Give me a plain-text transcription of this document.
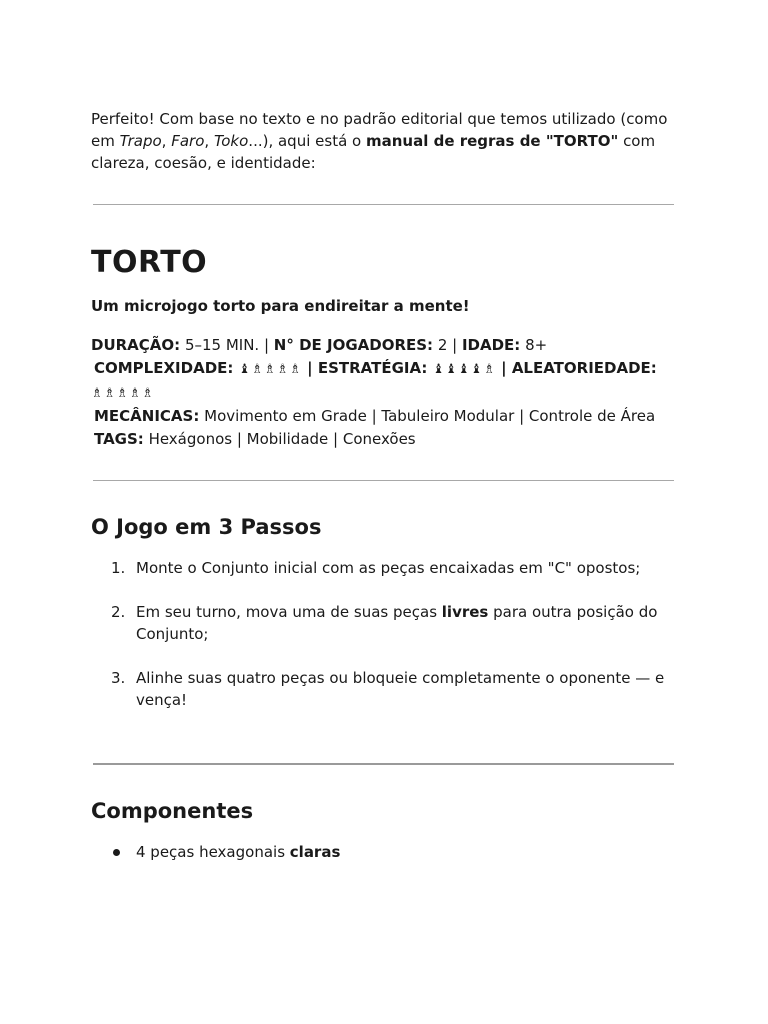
Perfeito! Com base no texto e no padrão editorial que temos utilizado (como em Trapo, Faro, Toko...), aqui está o manual de regras de "TORTO" com clareza, coesão, e identidade:

TORTO

Um microjogo torto para endireitar a mente!

DURAÇÃO: 5–15 MIN. | N° DE JOGADORES: 2 | IDADE: 8+
COMPLEXIDADE: ♝♗♗♗♗ | ESTRATÉGIA: ♝♝♝♝♗ | ALEATORIEDADE:
♗♗♗♗♗
MECÂNICAS: Movimento em Grade | Tabuleiro Modular | Controle de Área
TAGS: Hexágonos | Mobilidade | Conexões
O Jogo em 3 Passos
1. Monte o Conjunto inicial com as peças encaixadas em "C" opostos;
2. Em seu turno, mova uma de suas peças livres para outra posição do Conjunto;
3. Alinhe suas quatro peças ou bloqueie completamente o oponente — e vença!
Componentes
4 peças hexagonais claras
